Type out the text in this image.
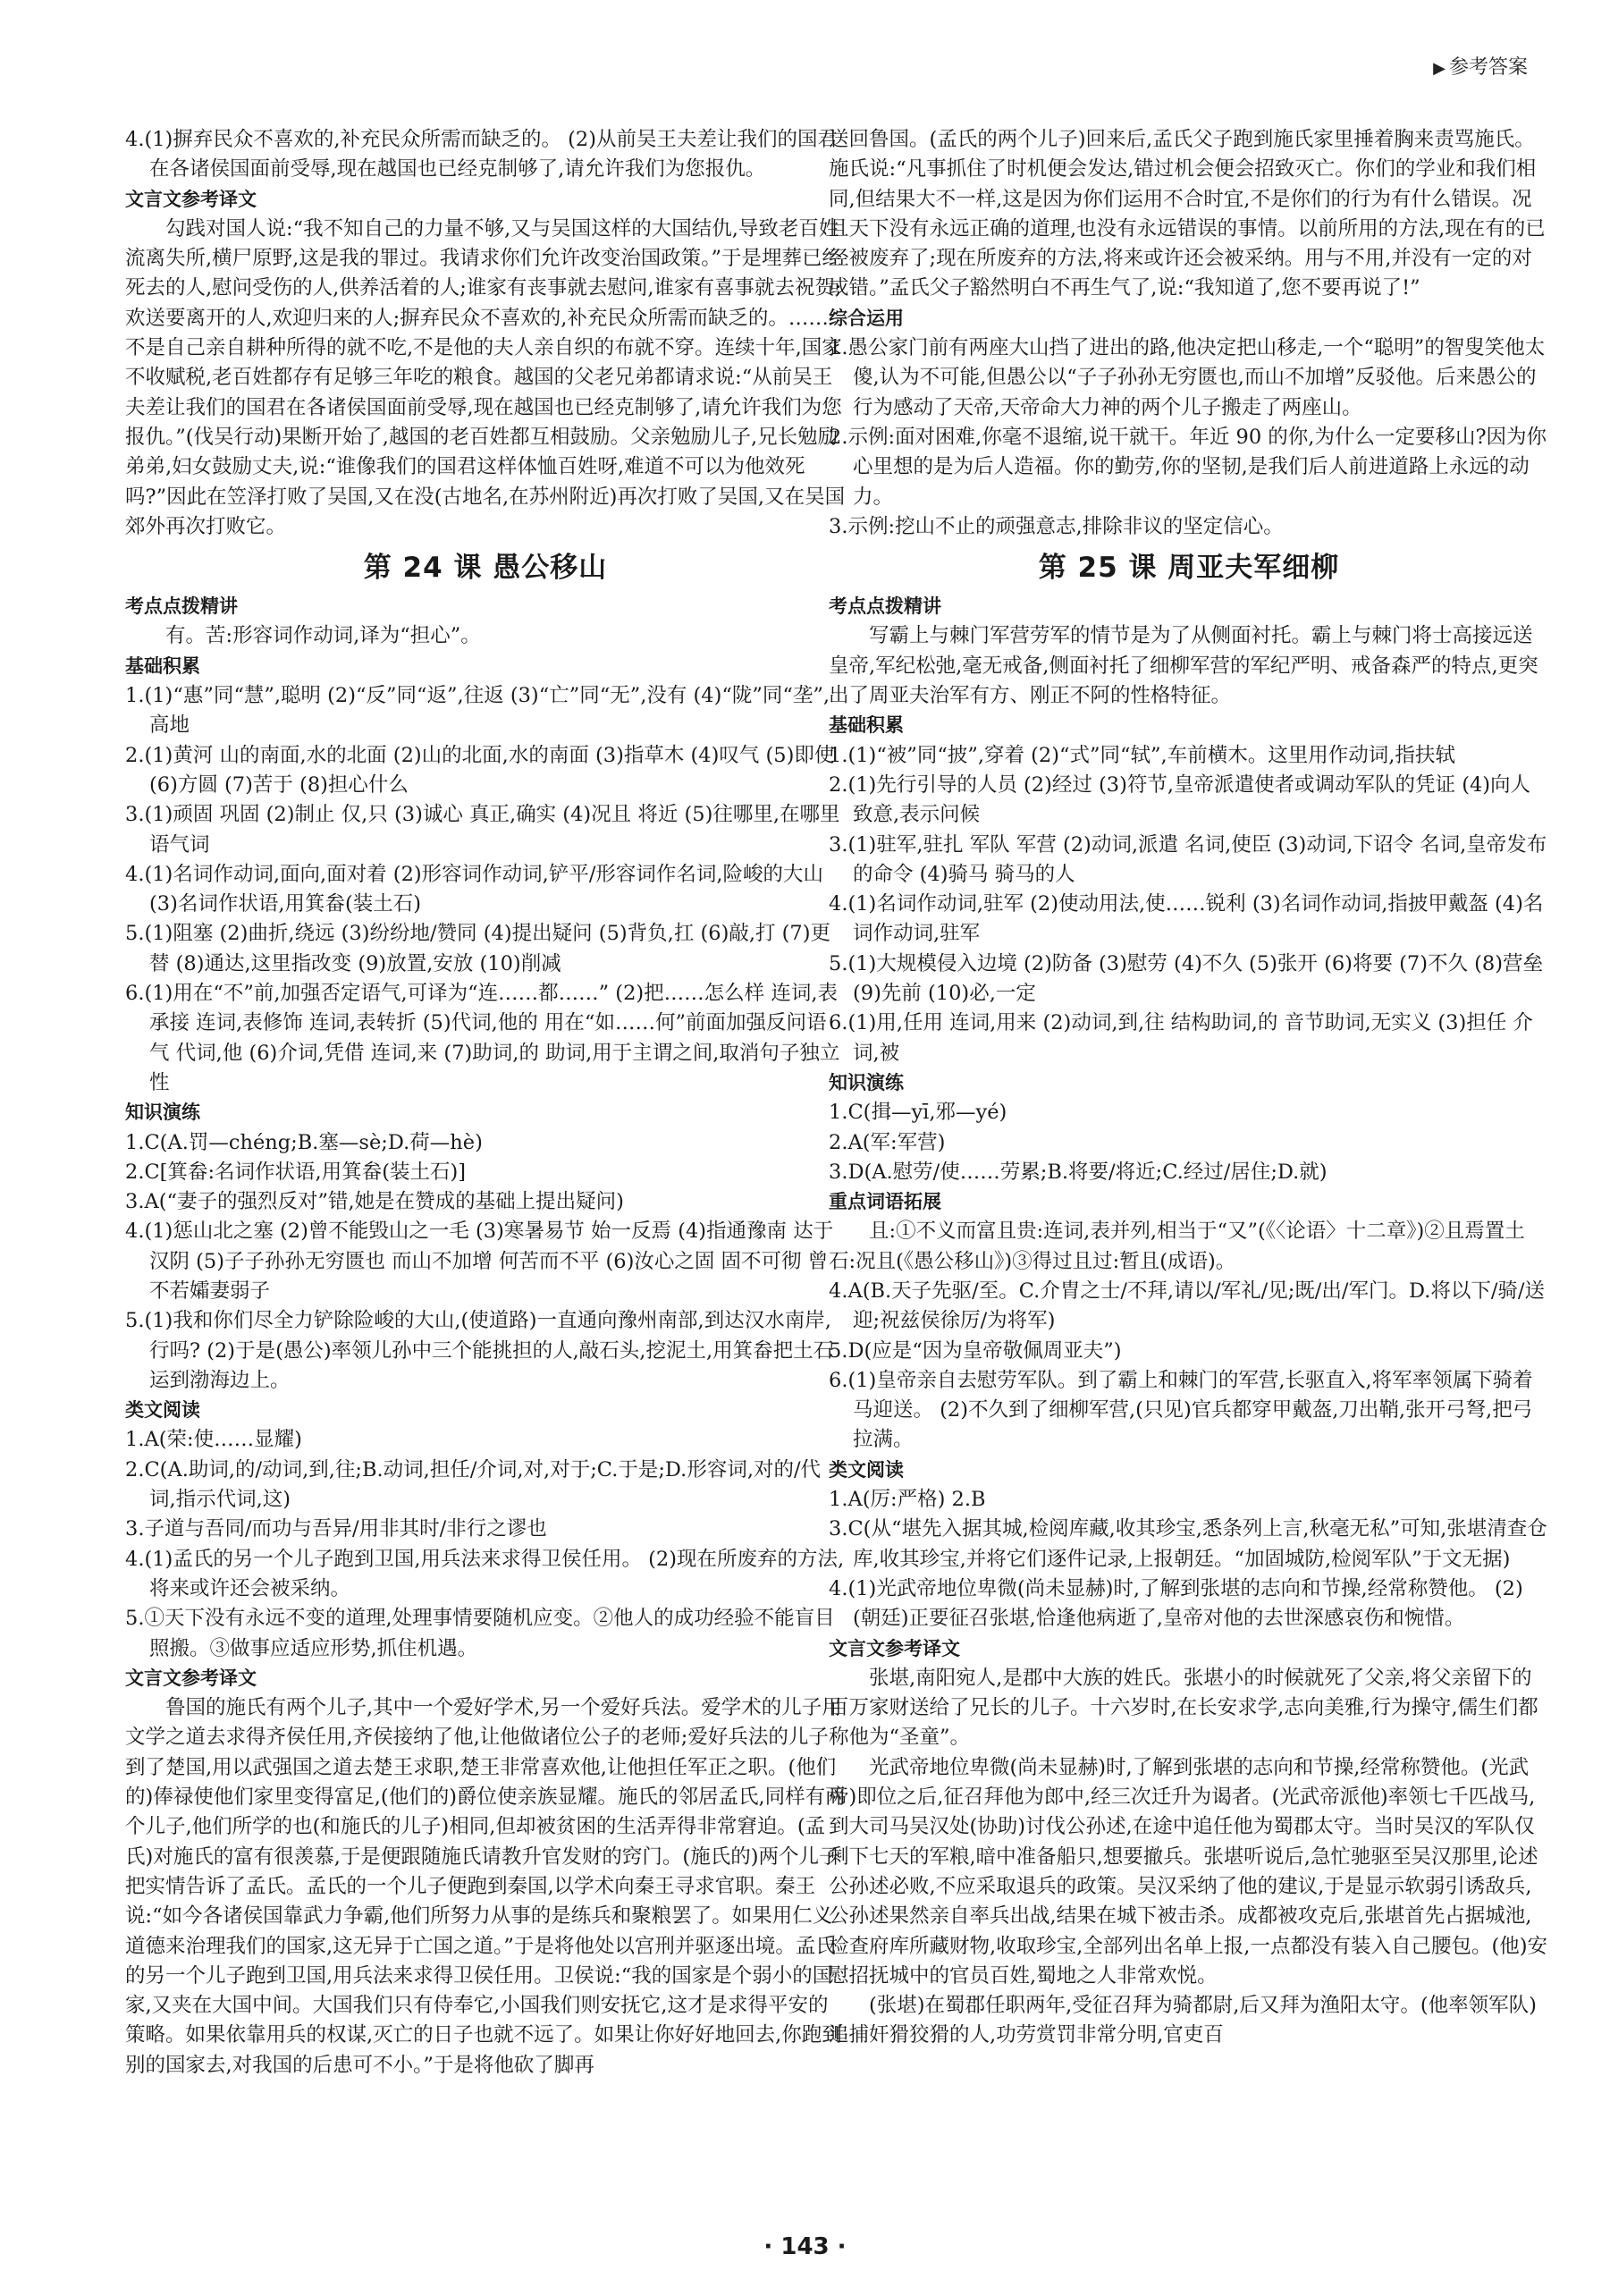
▶ 参考答案

4.(1)摒弃民众不喜欢的,补充民众所需而缺乏的。 (2)从前吴王夫差让我们的国君在各诸侯国面前受辱,现在越国也已经克制够了,请允许我们为您报仇。

文言文参考译文

勾践对国人说:“我不知自己的力量不够,又与吴国这样的大国结仇,导致老百姓流离失所,横尸原野,这是我的罪过。我请求你们允许改变治国政策。”于是埋葬已经死去的人,慰问受伤的人,供养活着的人;谁家有丧事就去慰问,谁家有喜事就去祝贺;欢送要离开的人,欢迎归来的人;摒弃民众不喜欢的,补充民众所需而缺乏的。……不是自己亲自耕种所得的就不吃,不是他的夫人亲自织的布就不穿。连续十年,国家不收赋税,老百姓都存有足够三年吃的粮食。越国的父老兄弟都请求说:“从前吴王夫差让我们的国君在各诸侯国面前受辱,现在越国也已经克制够了,请允许我们为您报仇。”(伐吴行动)果断开始了,越国的老百姓都互相鼓励。父亲勉励儿子,兄长勉励弟弟,妇女鼓励丈夫,说:“谁像我们的国君这样体恤百姓呀,难道不可以为他效死吗?”因此在笠泽打败了吴国,又在没(古地名,在苏州附近)再次打败了吴国,又在吴国郊外再次打败它。

第 24 课 愚公移山

考点点拨精讲

有。苦:形容词作动词,译为“担心”。

基础积累

1.(1)“惠”同“慧”,聪明 (2)“反”同“返”,往返 (3)“亡”同“无”,没有 (4)“陇”同“垄”,高地

2.(1)黄河 山的南面,水的北面 (2)山的北面,水的南面 (3)指草木 (4)叹气 (5)即使 (6)方圆 (7)苦于 (8)担心什么

3.(1)顽固 巩固 (2)制止 仅,只 (3)诚心 真正,确实 (4)况且 将近 (5)往哪里,在哪里 语气词

4.(1)名词作动词,面向,面对着 (2)形容词作动词,铲平/形容词作名词,险峻的大山 (3)名词作状语,用箕畚(装土石)

5.(1)阻塞 (2)曲折,绕远 (3)纷纷地/赞同 (4)提出疑问 (5)背负,扛 (6)敲,打 (7)更替 (8)通达,这里指改变 (9)放置,安放 (10)削减

6.(1)用在“不”前,加强否定语气,可译为“连……都……” (2)把……怎么样 连词,表承接 连词,表修饰 连词,表转折 (5)代词,他的 用在“如……何”前面加强反问语气 代词,他 (6)介词,凭借 连词,来 (7)助词,的 助词,用于主谓之间,取消句子独立性

知识演练

1.C(A.罚—chéng;B.塞—sè;D.荷—hè)

2.C[箕畚:名词作状语,用箕畚(装土石)]

3.A(“妻子的强烈反对”错,她是在赞成的基础上提出疑问)

4.(1)惩山北之塞 (2)曾不能毁山之一毛 (3)寒暑易节 始一反焉 (4)指通豫南 达于汉阴 (5)子子孙孙无穷匮也 而山不加增 何苦而不平 (6)汝心之固 固不可彻 曾不若孀妻弱子

5.(1)我和你们尽全力铲除险峻的大山,(使道路)一直通向豫州南部,到达汉水南岸,行吗? (2)于是(愚公)率领儿孙中三个能挑担的人,敲石头,挖泥土,用箕畚把土石运到渤海边上。

类文阅读

1.A(荣:使……显耀)

2.C(A.助词,的/动词,到,往;B.动词,担任/介词,对,对于;C.于是;D.形容词,对的/代词,指示代词,这)

3.子道与吾同/而功与吾异/用非其时/非行之谬也

4.(1)孟氏的另一个儿子跑到卫国,用兵法来求得卫侯任用。 (2)现在所废弃的方法,将来或许还会被采纳。

5.①天下没有永远不变的道理,处理事情要随机应变。②他人的成功经验不能盲目照搬。③做事应适应形势,抓住机遇。

文言文参考译文

鲁国的施氏有两个儿子,其中一个爱好学术,另一个爱好兵法。爱学术的儿子用文学之道去求得齐侯任用,齐侯接纳了他,让他做诸位公子的老师;爱好兵法的儿子到了楚国,用以武强国之道去楚王求职,楚王非常喜欢他,让他担任军正之职。(他们的)俸禄使他们家里变得富足,(他们的)爵位使亲族显耀。施氏的邻居孟氏,同样有两个儿子,他们所学的也(和施氏的儿子)相同,但却被贫困的生活弄得非常窘迫。(孟氏)对施氏的富有很羡慕,于是便跟随施氏请教升官发财的窍门。(施氏的)两个儿子把实情告诉了孟氏。孟氏的一个儿子便跑到秦国,以学术向秦王寻求官职。秦王说:“如今各诸侯国靠武力争霸,他们所努力从事的是练兵和聚粮罢了。如果用仁义道德来治理我们的国家,这无异于亡国之道。”于是将他处以宫刑并驱逐出境。孟氏的另一个儿子跑到卫国,用兵法来求得卫侯任用。卫侯说:“我的国家是个弱小的国家,又夹在大国中间。大国我们只有侍奉它,小国我们则安抚它,这才是求得平安的策略。如果依靠用兵的权谋,灭亡的日子也就不远了。如果让你好好地回去,你跑到别的国家去,对我国的后患可不小。”于是将他砍了脚再

送回鲁国。(孟氏的两个儿子)回来后,孟氏父子跑到施氏家里捶着胸来责骂施氏。施氏说:“凡事抓住了时机便会发达,错过机会便会招致灭亡。你们的学业和我们相同,但结果大不一样,这是因为你们运用不合时宜,不是你们的行为有什么错误。况且天下没有永远正确的道理,也没有永远错误的事情。以前所用的方法,现在有的已经被废弃了;现在所废弃的方法,将来或许还会被采纳。用与不用,并没有一定的对或错。”孟氏父子豁然明白不再生气了,说:“我知道了,您不要再说了!”

综合运用

1.愚公家门前有两座大山挡了进出的路,他决定把山移走,一个“聪明”的智叟笑他太傻,认为不可能,但愚公以“子子孙孙无穷匮也,而山不加增”反驳他。后来愚公的行为感动了天帝,天帝命大力神的两个儿子搬走了两座山。

2.示例:面对困难,你毫不退缩,说干就干。年近 90 的你,为什么一定要移山?因为你心里想的是为后人造福。你的勤劳,你的坚韧,是我们后人前进道路上永远的动力。

3.示例:挖山不止的顽强意志,排除非议的坚定信心。

第 25 课 周亚夫军细柳

考点点拨精讲

写霸上与棘门军营劳军的情节是为了从侧面衬托。霸上与棘门将士高接远送皇帝,军纪松弛,毫无戒备,侧面衬托了细柳军营的军纪严明、戒备森严的特点,更突出了周亚夫治军有方、刚正不阿的性格特征。

基础积累

1.(1)“被”同“披”,穿着 (2)“式”同“轼”,车前横木。这里用作动词,指扶轼

2.(1)先行引导的人员 (2)经过 (3)符节,皇帝派遣使者或调动军队的凭证 (4)向人致意,表示问候

3.(1)驻军,驻扎 军队 军营 (2)动词,派遣 名词,使臣 (3)动词,下诏令 名词,皇帝发布的命令 (4)骑马 骑马的人

4.(1)名词作动词,驻军 (2)使动用法,使……锐利 (3)名词作动词,指披甲戴盔 (4)名词作动词,驻军

5.(1)大规模侵入边境 (2)防备 (3)慰劳 (4)不久 (5)张开 (6)将要 (7)不久 (8)营垒 (9)先前 (10)必,一定

6.(1)用,任用 连词,用来 (2)动词,到,往 结构助词,的 音节助词,无实义 (3)担任 介词,被

知识演练

1.C(揖—yī,邪—yé)

2.A(军:军营)

3.D(A.慰劳/使……劳累;B.将要/将近;C.经过/居住;D.就)

重点词语拓展

且:①不义而富且贵:连词,表并列,相当于“又”(《〈论语〉十二章》)②且焉置土石:况且(《愚公移山》)③得过且过:暂且(成语)。

4.A(B.天子先驱/至。C.介胄之士/不拜,请以/军礼/见;既/出/军门。D.将以下/骑/送迎;祝兹侯徐厉/为将军)

5.D(应是“因为皇帝敬佩周亚夫”)

6.(1)皇帝亲自去慰劳军队。到了霸上和棘门的军营,长驱直入,将军率领属下骑着马迎送。 (2)不久到了细柳军营,(只见)官兵都穿甲戴盔,刀出鞘,张开弓弩,把弓拉满。

类文阅读

1.A(厉:严格) 2.B

3.C(从“堪先入据其城,检阅库藏,收其珍宝,悉条列上言,秋毫无私”可知,张堪清查仓库,收其珍宝,并将它们逐件记录,上报朝廷。“加固城防,检阅军队”于文无据)

4.(1)光武帝地位卑微(尚未显赫)时,了解到张堪的志向和节操,经常称赞他。 (2)(朝廷)正要征召张堪,恰逢他病逝了,皇帝对他的去世深感哀伤和惋惜。

文言文参考译文

张堪,南阳宛人,是郡中大族的姓氏。张堪小的时候就死了父亲,将父亲留下的百万家财送给了兄长的儿子。十六岁时,在长安求学,志向美雅,行为操守,儒生们都称他为“圣童”。

光武帝地位卑微(尚未显赫)时,了解到张堪的志向和节操,经常称赞他。(光武帝)即位之后,征召拜他为郎中,经三次迁升为谒者。(光武帝派他)率领七千匹战马,到大司马吴汉处(协助)讨伐公孙述,在途中追任他为蜀郡太守。当时吴汉的军队仅剩下七天的军粮,暗中准备船只,想要撤兵。张堪听说后,急忙驰驱至吴汉那里,论述公孙述必败,不应采取退兵的政策。吴汉采纳了他的建议,于是显示软弱引诱敌兵,公孙述果然亲自率兵出战,结果在城下被击杀。成都被攻克后,张堪首先占据城池,检查府库所藏财物,收取珍宝,全部列出名单上报,一点都没有装入自己腰包。(他)安慰招抚城中的官员百姓,蜀地之人非常欢悦。

(张堪)在蜀郡任职两年,受征召拜为骑都尉,后又拜为渔阳太守。(他率领军队)追捕奸猾狡猾的人,功劳赏罚非常分明,官吏百

· 143 ·
